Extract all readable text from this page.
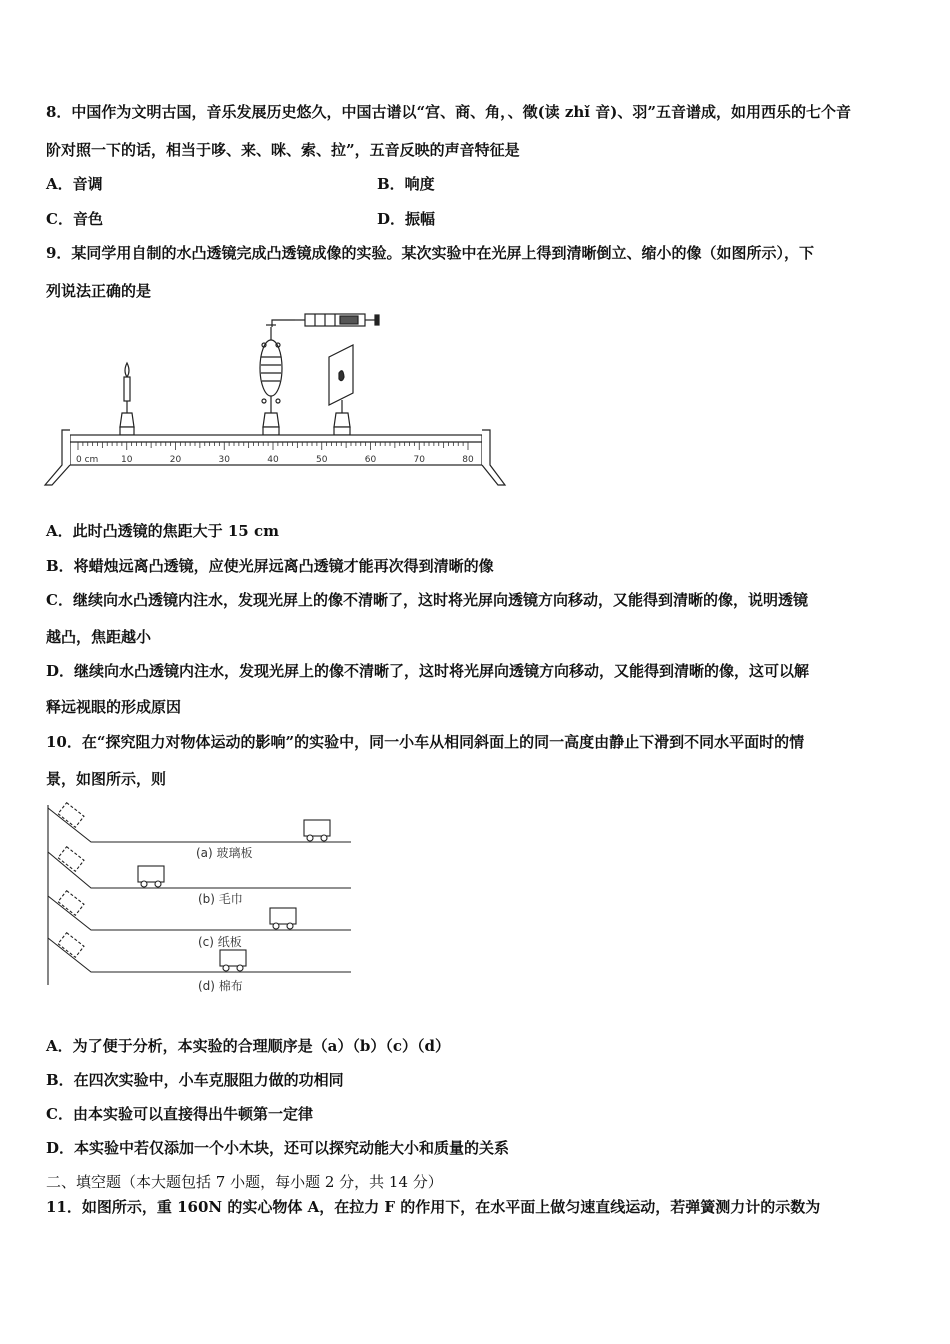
8．中国作为文明古国，音乐发展历史悠久，中国古谱以“宫、商、角，、徵(读 zhǐ 音)、羽”五音谱成，如用西乐的七个音
阶对照一下的话，相当于哆、来、咪、索、拉”，五音反映的声音特征是
A．音调	B．响度
C．音色	D．振幅
9．某同学用自制的水凸透镜完成凸透镜成像的实验。某次实验中在光屏上得到清晰倒立、缩小的像（如图所示），下
列说法正确的是
0 cm	10	20	30	40	50	60	70	80
A．此时凸透镜的焦距大于 15 cm
B．将蜡烛远离凸透镜，应使光屏远离凸透镜才能再次得到清晰的像
C．继续向水凸透镜内注水，发现光屏上的像不清晰了，这时将光屏向透镜方向移动，又能得到清晰的像，说明透镜
越凸，焦距越小
D．继续向水凸透镜内注水，发现光屏上的像不清晰了，这时将光屏向透镜方向移动，又能得到清晰的像，这可以解
释远视眼的形成原因
10．在“探究阻力对物体运动的影响”的实验中，同一小车从相同斜面上的同一高度由静止下滑到不同水平面时的情
景，如图所示，则
(a) 玻璃板
(b) 毛巾
(c) 纸板
(d) 棉布
A．为了便于分析，本实验的合理顺序是（a）（b）（c）（d）
B．在四次实验中，小车克服阻力做的功相同
C．由本实验可以直接得出牛顿第一定律
D．本实验中若仅添加一个小木块，还可以探究动能大小和质量的关系
二、填空题（本大题包括 7 小题，每小题 2 分，共 14 分）
11．如图所示，重 160N 的实心物体 A，在拉力 F 的作用下，在水平面上做匀速直线运动，若弹簧测力计的示数为
